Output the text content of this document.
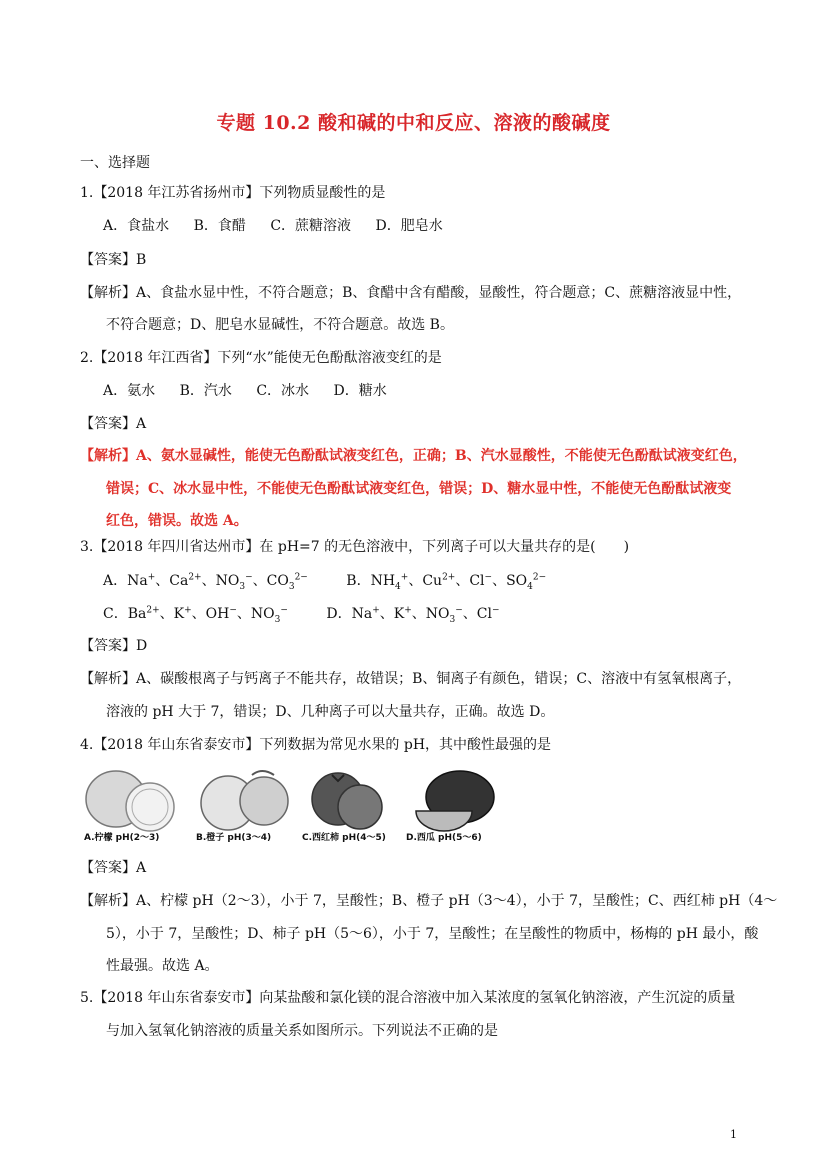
专题 10.2 酸和碱的中和反应、溶液的酸碱度
一、选择题
1.【2018 年江苏省扬州市】下列物质显酸性的是
A．食盐水 B．食醋 C．蔗糖溶液 D．肥皂水
【答案】B
【解析】A、食盐水显中性，不符合题意；B、食醋中含有醋酸，显酸性，符合题意；C、蔗糖溶液显中性，
不符合题意；D、肥皂水显碱性，不符合题意。故选 B。
2.【2018 年江西省】下列“水”能使无色酚酞溶液变红的是
A．氨水 B．汽水 C．冰水 D．糖水
【答案】A
【解析】A、氨水显碱性，能使无色酚酞试液变红色，正确；B、汽水显酸性，不能使无色酚酞试液变红色，
错误；C、冰水显中性，不能使无色酚酞试液变红色，错误；D、糖水显中性，不能使无色酚酞试液变
红色，错误。故选 A。
3.【2018 年四川省达州市】在 pH=7 的无色溶液中，下列离子可以大量共存的是(　　)
A．Na+、$Ca^{2+}$、$NO_3^-$、$CO_3^{2-}$	B．$NH_4^+$、$Cu^{2+}$、Cl−、$SO_4^{2-}$
C．$Ba^{2+}$、K+、OH−、$NO_3^-$	D．Na+、K+、$NO_3^-$、Cl−
【答案】D
【解析】A、碳酸根离子与钙离子不能共存，故错误；B、铜离子有颜色，错误；C、溶液中有氢氧根离子，
溶液的 pH 大于 7，错误；D、几种离子可以大量共存，正确。故选 D。
4.【2018 年山东省泰安市】下列数据为常见水果的 pH，其中酸性最强的是
A.柠檬 pH(2～3)	B.橙子 pH(3～4)	C.西红柿 pH(4～5) D.西瓜 pH(5～6)
【答案】A
【解析】A、柠檬 pH（2～3），小于 7，呈酸性；B、橙子 pH（3～4），小于 7，呈酸性；C、西红柿 pH（4～
5），小于 7，呈酸性；D、柿子 pH（5～6），小于 7，呈酸性；在呈酸性的物质中，杨梅的 pH 最小，酸
性最强。故选 A。
5.【2018 年山东省泰安市】向某盐酸和氯化镁的混合溶液中加入某浓度的氢氧化钠溶液，产生沉淀的质量
与加入氢氧化钠溶液的质量关系如图所示。下列说法不正确的是
1
